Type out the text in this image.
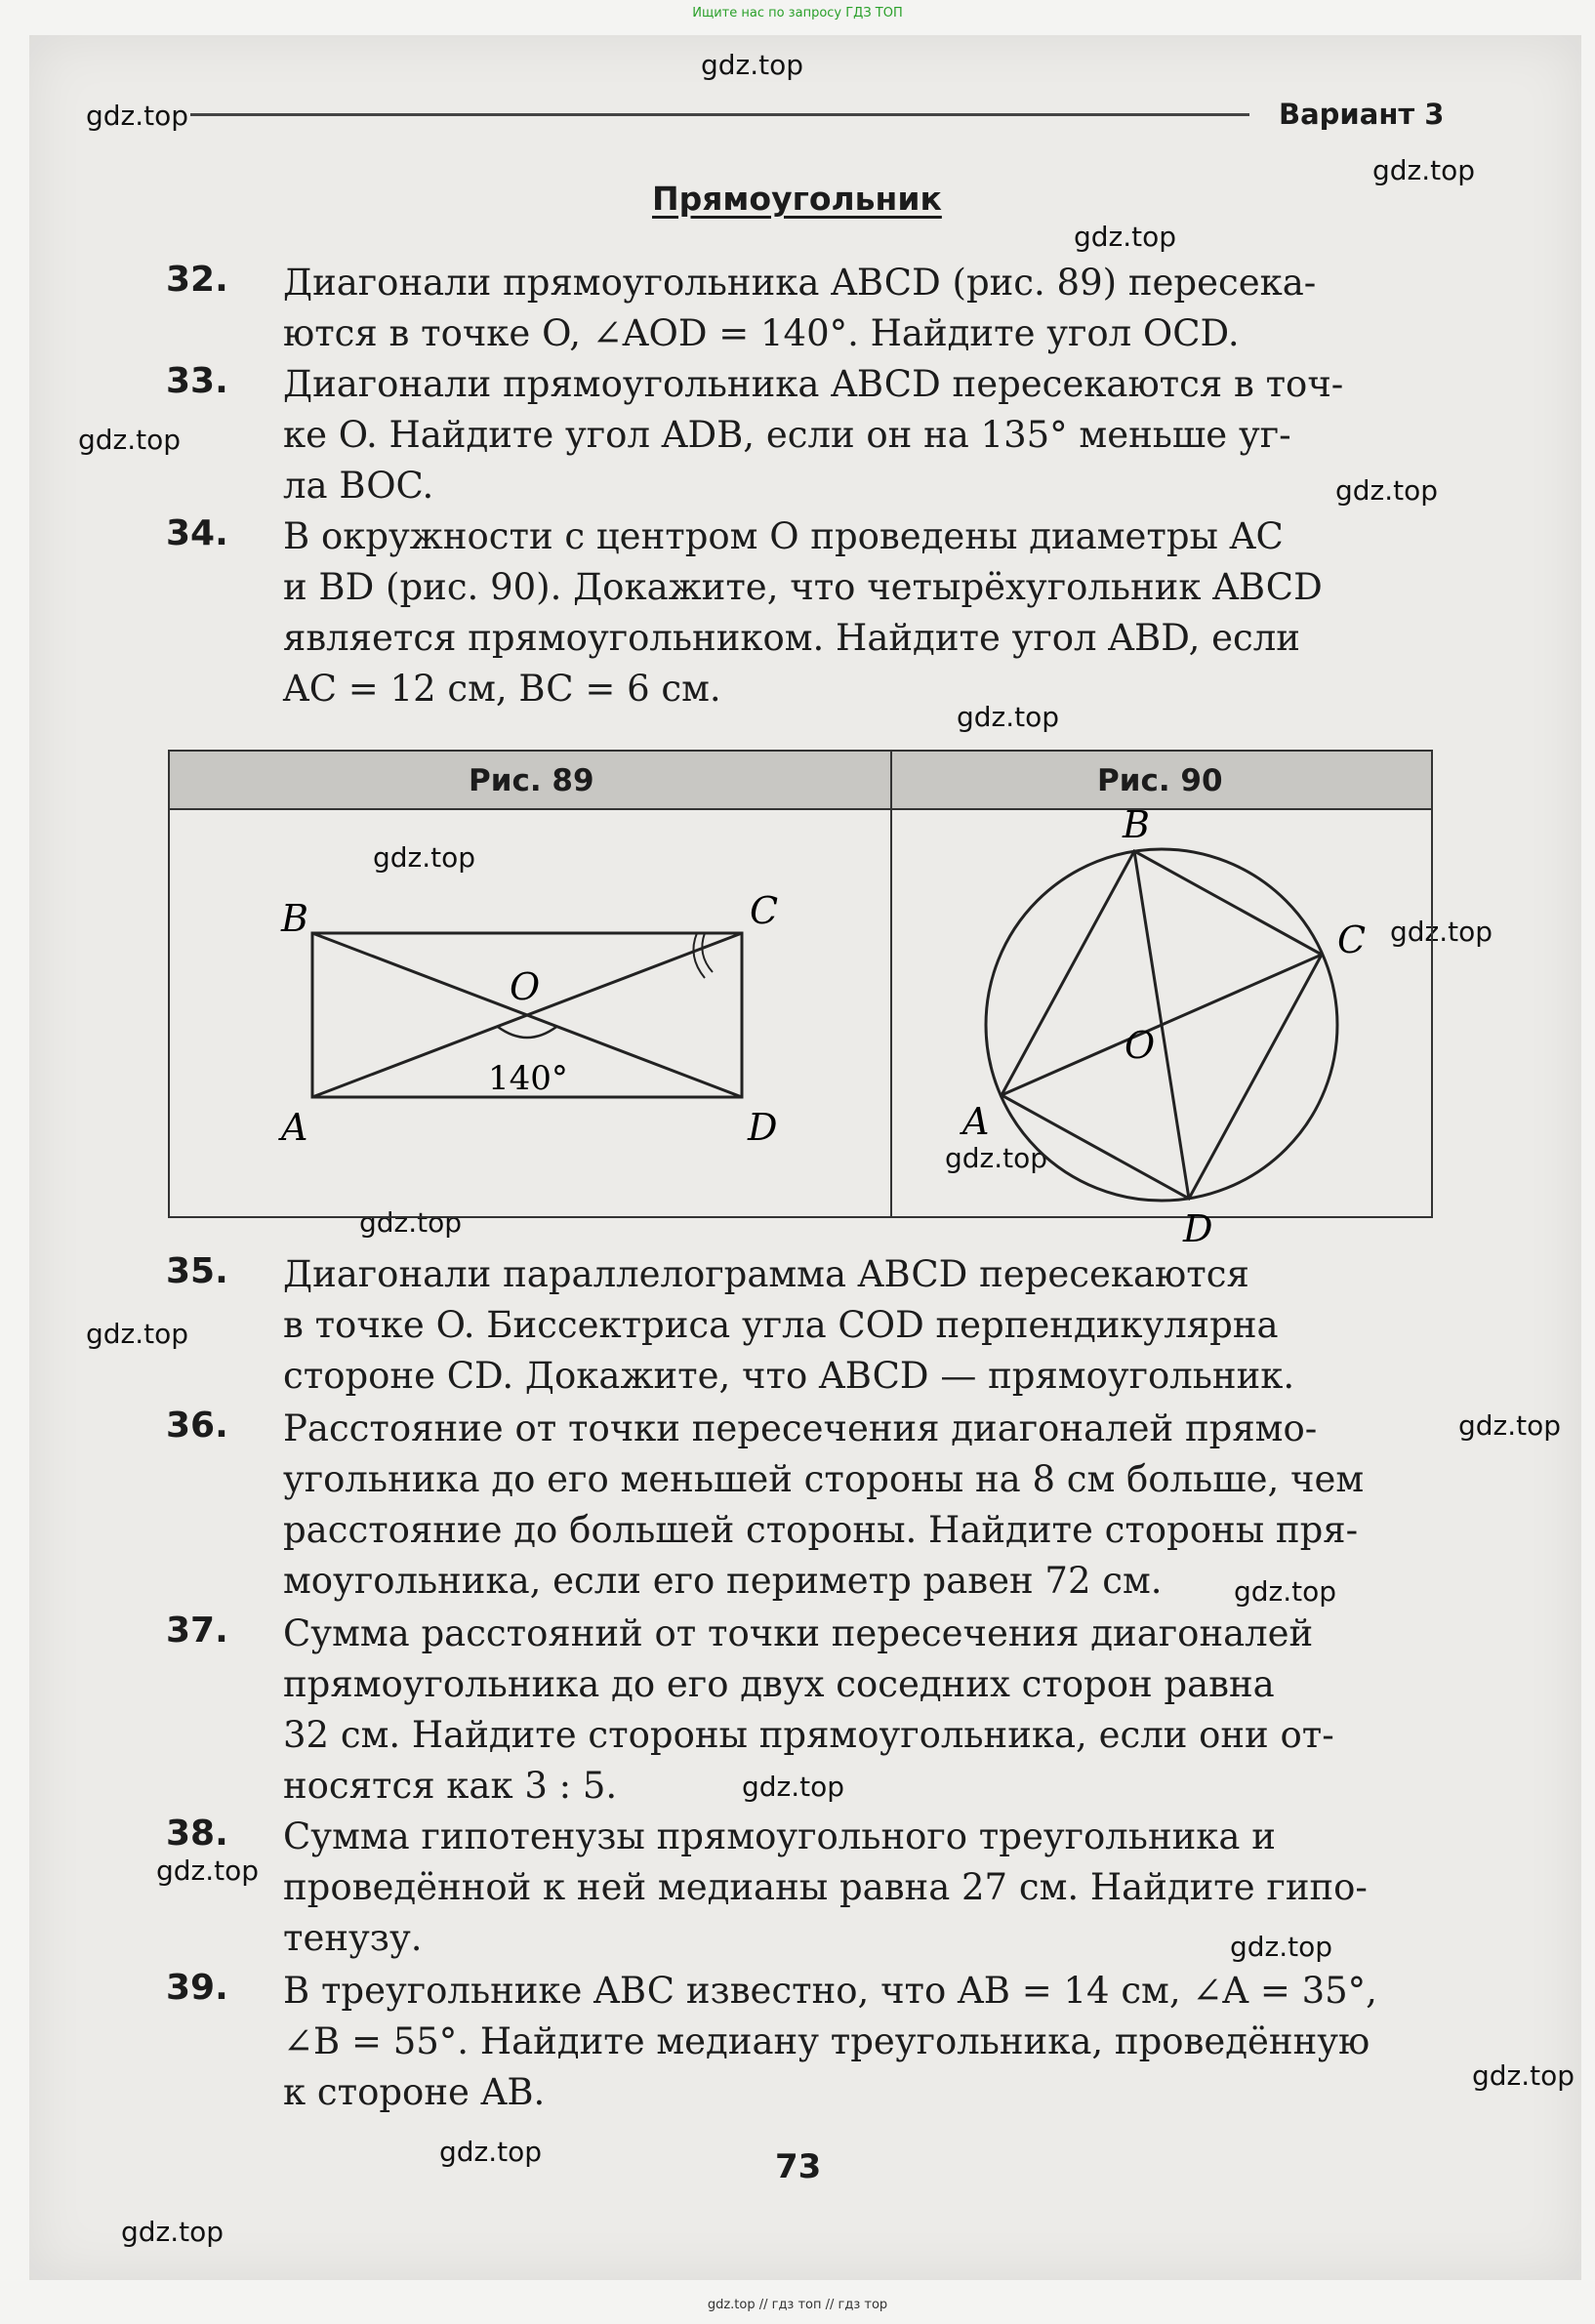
Ищите нас по запросу ГДЗ ТОП
gdz.top
gdz.top
gdz.top
gdz.top
gdz.top
gdz.top
gdz.top
gdz.top
gdz.top
gdz.top
gdz.top
gdz.top
gdz.top
gdz.top
gdz.top
gdz.top
gdz.top
gdz.top
gdz.top
gdz.top
Вариант 3
Прямоугольник
32. Диагонали прямоугольника ABCD (рис. 89) пересека-
ются в точке O, ∠AOD = 140°. Найдите угол OCD.
33. Диагонали прямоугольника ABCD пересекаются в точ-
ке O. Найдите угол ADB, если он на 135° меньше уг-
ла BOC.
34. В окружности с центром O проведены диаметры AC
и BD (рис. 90). Докажите, что четырёхугольник ABCD
является прямоугольником. Найдите угол ABD, если
AC = 12 см, BC = 6 см.
Рис. 89	Рис. 90
B	C
O
140°
A	D
B
C
O
A
D
35. Диагонали параллелограмма ABCD пересекаются
в точке O. Биссектриса угла COD перпендикулярна
стороне CD. Докажите, что ABCD — прямоугольник.
36. Расстояние от точки пересечения диагоналей прямо-
угольника до его меньшей стороны на 8 см больше, чем
расстояние до большей стороны. Найдите стороны пря-
моугольника, если его периметр равен 72 см.
37. Сумма расстояний от точки пересечения диагоналей
прямоугольника до его двух соседних сторон равна
32 см. Найдите стороны прямоугольника, если они от-
носятся как 3 : 5.
38. Сумма гипотенузы прямоугольного треугольника и
проведённой к ней медианы равна 27 см. Найдите гипо-
тенузу.
39. В треугольнике ABC известно, что AB = 14 см, ∠A = 35°,
∠B = 55°. Найдите медиану треугольника, проведённую
к стороне AB.
73
gdz.top // гдз топ // гдз тор
